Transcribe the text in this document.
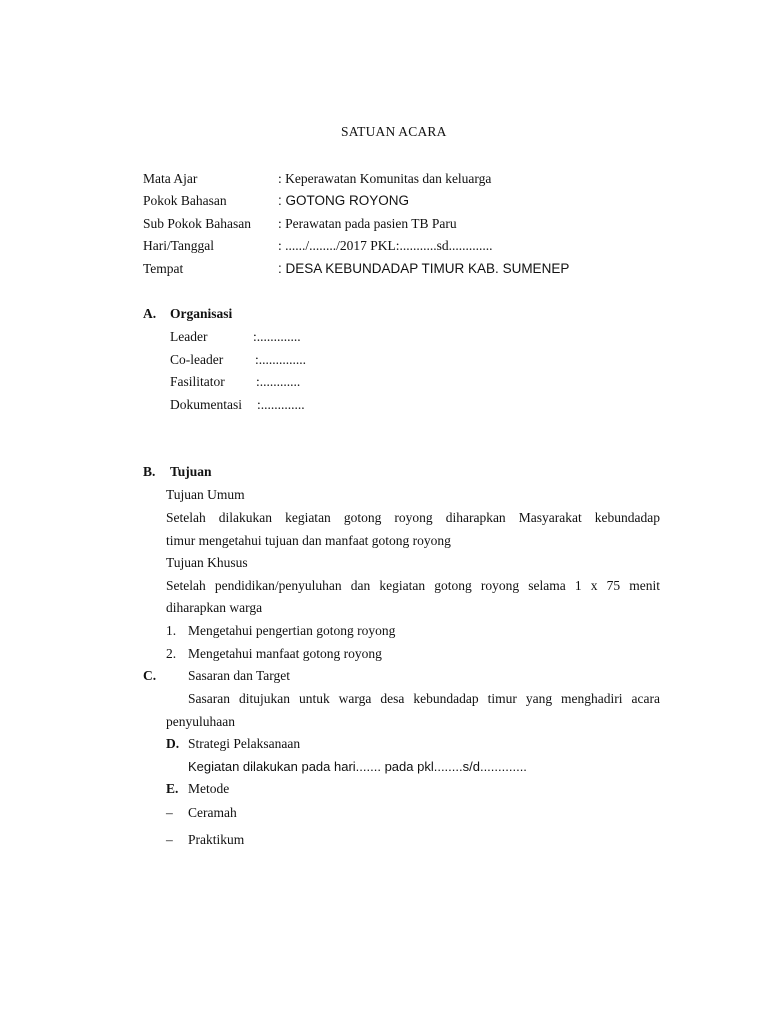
SATUAN ACARA
Mata Ajar	: Keperawatan Komunitas dan keluarga
Pokok Bahasan	: GOTONG ROYONG
Sub Pokok Bahasan : Perawatan pada pasien TB Paru
Hari/Tanggal	: ....../......../2017 PKL:...........sd.............
Tempat	: DESA KEBUNDADAP TIMUR KAB. SUMENEP
A. Organisasi
Leader	:.............
Co-leader :..............
Fasilitator :............
Dokumentasi :.............
B. Tujuan
Tujuan Umum
Setelah dilakukan kegiatan gotong royong diharapkan Masyarakat kebundadap
timur mengetahui tujuan dan manfaat gotong royong
Tujuan Khusus
Setelah pendidikan/penyuluhan dan kegiatan gotong royong selama 1 x 75 menit
diharapkan warga
1. Mengetahui pengertian gotong royong
2. Mengetahui manfaat gotong royong
C. Sasaran dan Target
Sasaran ditujukan untuk warga desa kebundadap timur yang menghadiri acara
penyuluhaan
D. Strategi Pelaksanaan
Kegiatan dilakukan pada hari....... pada pkl........s/d.............
E. Metode
– Ceramah
– Praktikum
